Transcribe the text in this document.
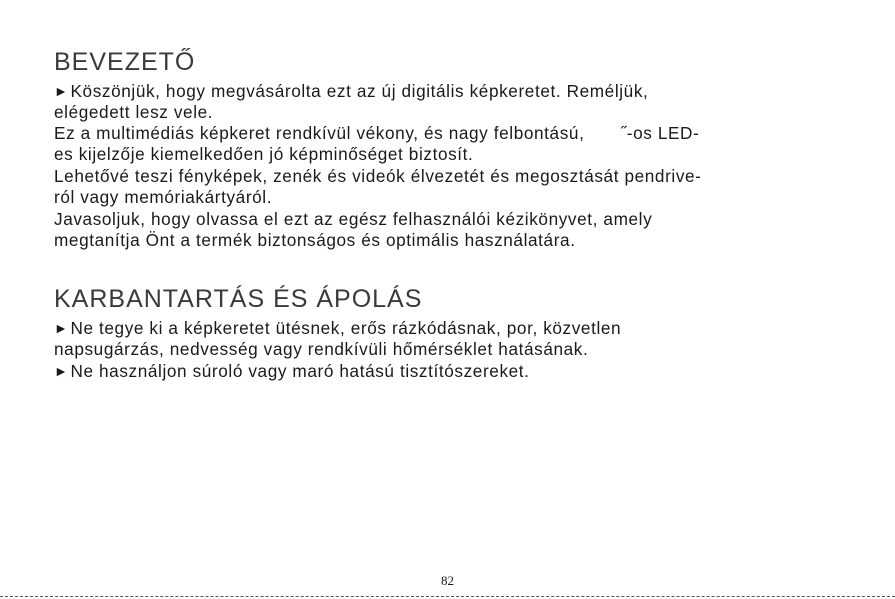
BEVEZETŐ

► Köszönjük, hogy megvásárolta ezt az új digitális képkeretet. Reméljük,

elégedett lesz vele.

Ez a multimédiás képkeret rendkívül vékony, és nagy felbontású, ˝-os LED-

es kijelzője kiemelkedően jó képminőséget biztosít.

Lehetővé teszi fényképek, zenék és videók élvezetét és megosztását pendrive-

ról vagy memóriakártyáról.

Javasoljuk, hogy olvassa el ezt az egész felhasználói kézikönyvet, amely

megtanítja Önt a termék biztonságos és optimális használatára.

KARBANTARTÁS ÉS ÁPOLÁS

► Ne tegye ki a képkeretet ütésnek, erős rázkódásnak, por, közvetlen

napsugárzás, nedvesség vagy rendkívüli hőmérséklet hatásának.

► Ne használjon súroló vagy maró hatású tisztítószereket.

82
